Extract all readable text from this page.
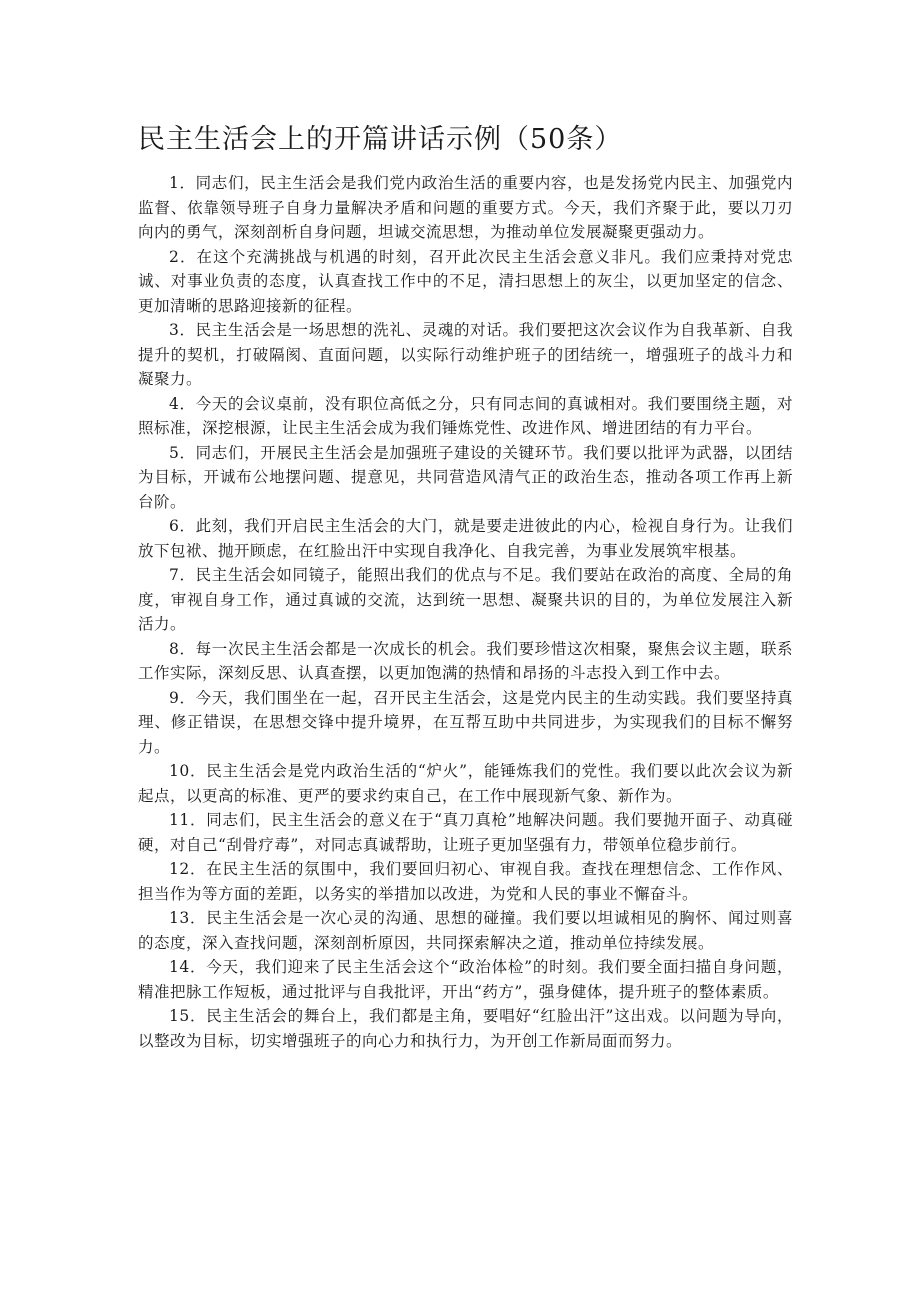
民主生活会上的开篇讲话示例（50条）

1．同志们，民主生活会是我们党内政治生活的重要内容，也是发扬党内民主、加强党内监督、依靠领导班子自身力量解决矛盾和问题的重要方式。今天，我们齐聚于此，要以刀刃向内的勇气，深刻剖析自身问题，坦诚交流思想，为推动单位发展凝聚更强动力。

2．在这个充满挑战与机遇的时刻，召开此次民主生活会意义非凡。我们应秉持对党忠诚、对事业负责的态度，认真查找工作中的不足，清扫思想上的灰尘，以更加坚定的信念、更加清晰的思路迎接新的征程。

3．民主生活会是一场思想的洗礼、灵魂的对话。我们要把这次会议作为自我革新、自我提升的契机，打破隔阂、直面问题，以实际行动维护班子的团结统一，增强班子的战斗力和凝聚力。

4．今天的会议桌前，没有职位高低之分，只有同志间的真诚相对。我们要围绕主题，对照标准，深挖根源，让民主生活会成为我们锤炼党性、改进作风、增进团结的有力平台。

5．同志们，开展民主生活会是加强班子建设的关键环节。我们要以批评为武器，以团结为目标，开诚布公地摆问题、提意见，共同营造风清气正的政治生态，推动各项工作再上新台阶。

6．此刻，我们开启民主生活会的大门，就是要走进彼此的内心，检视自身行为。让我们放下包袱、抛开顾虑，在红脸出汗中实现自我净化、自我完善，为事业发展筑牢根基。

7．民主生活会如同镜子，能照出我们的优点与不足。我们要站在政治的高度、全局的角度，审视自身工作，通过真诚的交流，达到统一思想、凝聚共识的目的，为单位发展注入新活力。

8．每一次民主生活会都是一次成长的机会。我们要珍惜这次相聚，聚焦会议主题，联系工作实际，深刻反思、认真查摆，以更加饱满的热情和昂扬的斗志投入到工作中去。

9．今天，我们围坐在一起，召开民主生活会，这是党内民主的生动实践。我们要坚持真理、修正错误，在思想交锋中提升境界，在互帮互助中共同进步，为实现我们的目标不懈努力。

10．民主生活会是党内政治生活的“炉火”，能锤炼我们的党性。我们要以此次会议为新起点，以更高的标准、更严的要求约束自己，在工作中展现新气象、新作为。

11．同志们，民主生活会的意义在于“真刀真枪”地解决问题。我们要抛开面子、动真碰硬，对自己“刮骨疗毒”，对同志真诚帮助，让班子更加坚强有力，带领单位稳步前行。

12．在民主生活的氛围中，我们要回归初心、审视自我。查找在理想信念、工作作风、担当作为等方面的差距，以务实的举措加以改进，为党和人民的事业不懈奋斗。

13．民主生活会是一次心灵的沟通、思想的碰撞。我们要以坦诚相见的胸怀、闻过则喜的态度，深入查找问题，深刻剖析原因，共同探索解决之道，推动单位持续发展。

14．今天，我们迎来了民主生活会这个“政治体检”的时刻。我们要全面扫描自身问题，精准把脉工作短板，通过批评与自我批评，开出“药方”，强身健体，提升班子的整体素质。

15．民主生活会的舞台上，我们都是主角，要唱好“红脸出汗”这出戏。以问题为导向，以整改为目标，切实增强班子的向心力和执行力，为开创工作新局面而努力。
